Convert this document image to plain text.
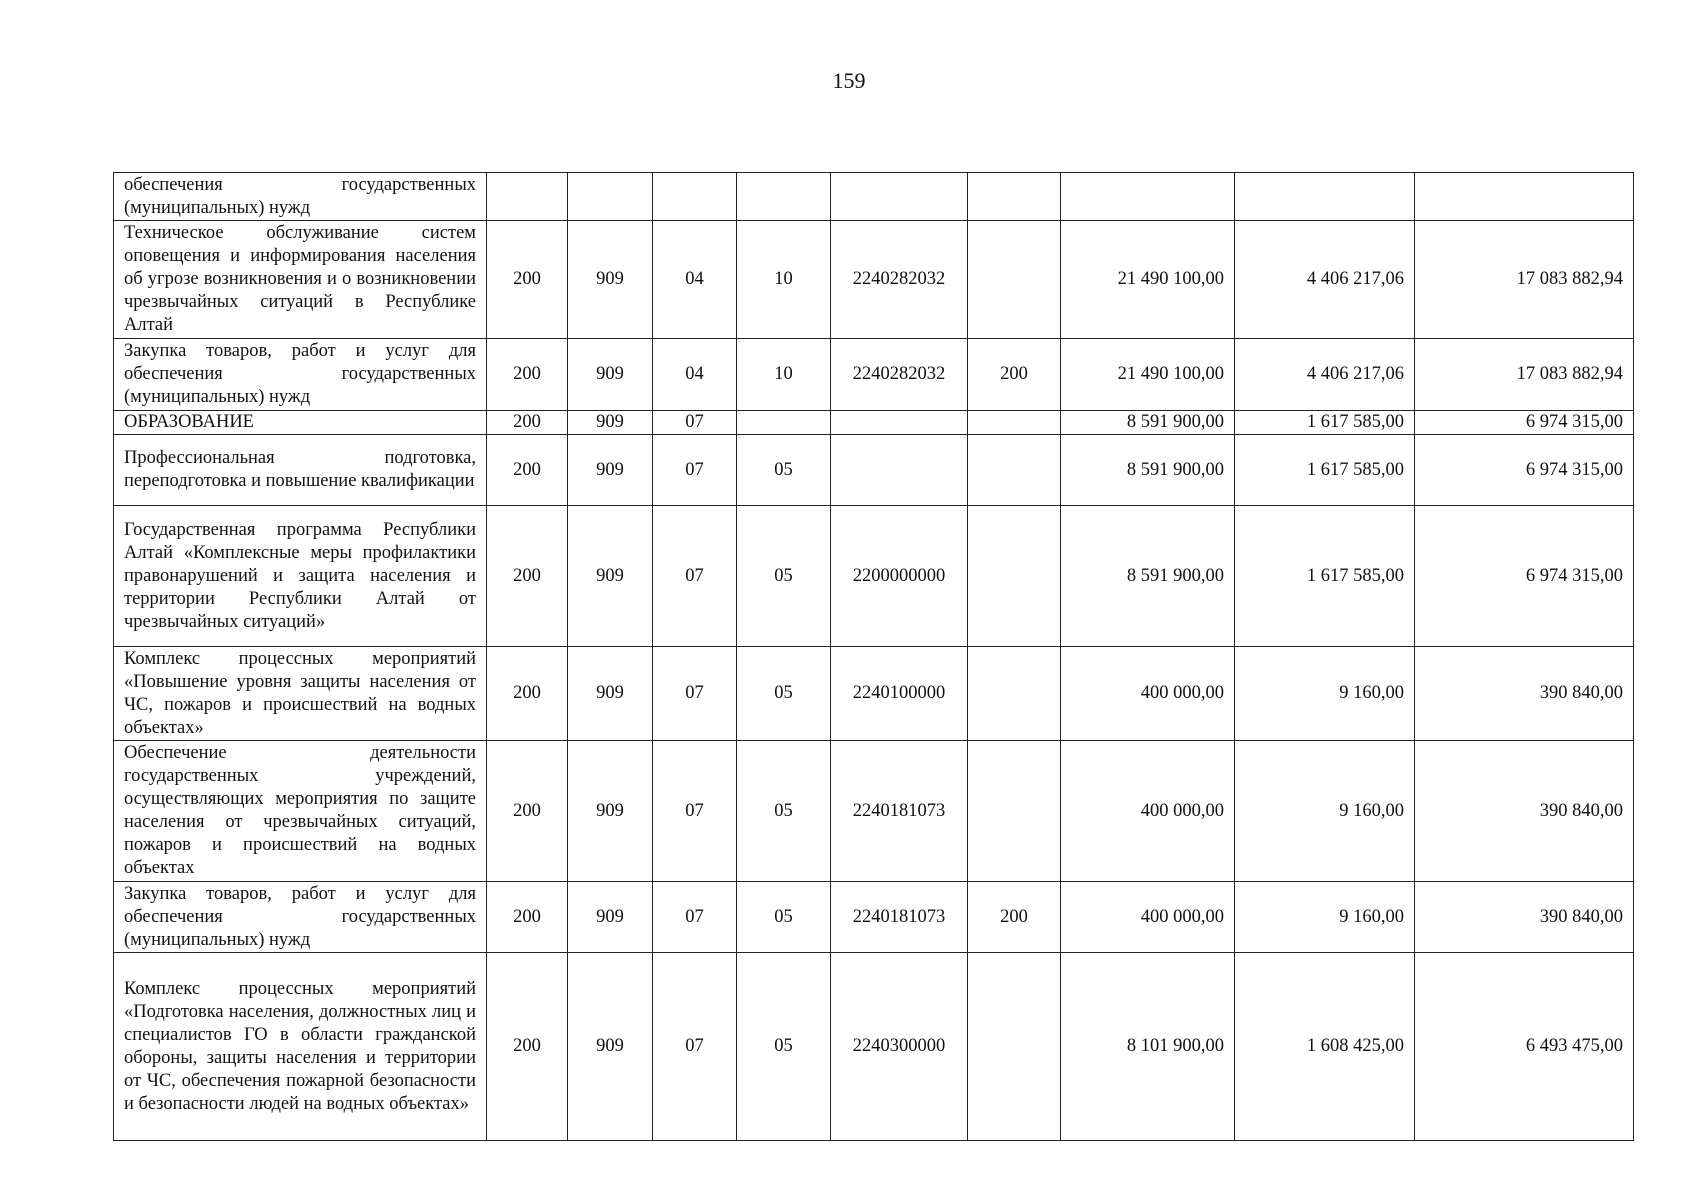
159
обеспечения государственных (муниципальных) нужд									
Техническое обслуживание систем оповещения и информирования населения об угрозе возникновения и о возникновении чрезвычайных ситуаций в Республике Алтай	200	909	04	10	2240282032		21 490 100,00	4 406 217,06	17 083 882,94
Закупка товаров, работ и услуг для обеспечения государственных (муниципальных) нужд	200	909	04	10	2240282032	200	21 490 100,00	4 406 217,06	17 083 882,94
ОБРАЗОВАНИЕ	200	909	07				8 591 900,00	1 617 585,00	6 974 315,00
Профессиональная подготовка, переподготовка и повышение квалификации	200	909	07	05			8 591 900,00	1 617 585,00	6 974 315,00
Государственная программа Республики Алтай «Комплексные меры профилактики правонарушений и защита населения и территории Республики Алтай от чрезвычайных ситуаций»	200	909	07	05	2200000000		8 591 900,00	1 617 585,00	6 974 315,00
Комплекс процессных мероприятий «Повышение уровня защиты населения от ЧС, пожаров и происшествий на водных объектах»	200	909	07	05	2240100000		400 000,00	9 160,00	390 840,00
Обеспечение деятельности государственных учреждений, осуществляющих мероприятия по защите населения от чрезвычайных ситуаций, пожаров и происшествий на водных объектах	200	909	07	05	2240181073		400 000,00	9 160,00	390 840,00
Закупка товаров, работ и услуг для обеспечения государственных (муниципальных) нужд	200	909	07	05	2240181073	200	400 000,00	9 160,00	390 840,00
Комплекс процессных мероприятий «Подготовка населения, должностных лиц и специалистов ГО в области гражданской обороны, защиты населения и территории от ЧС, обеспечения пожарной безопасности и безопасности людей на водных объектах»	200	909	07	05	2240300000		8 101 900,00	1 608 425,00	6 493 475,00
